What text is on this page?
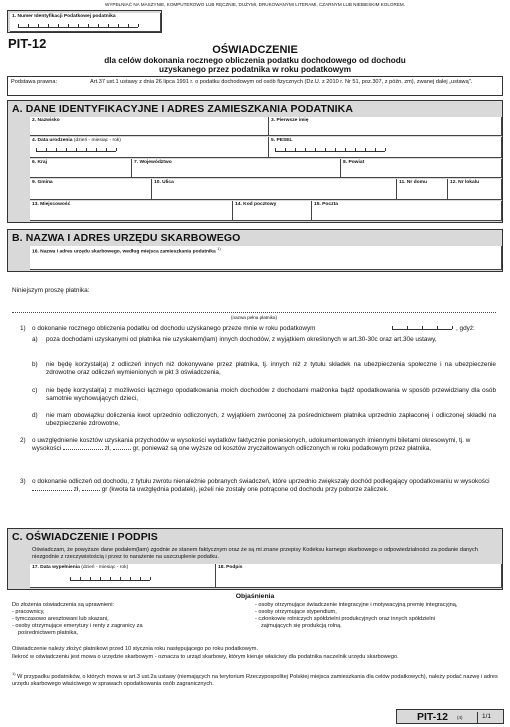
WYPEŁNIAĆ NA MASZYNIE, KOMPUTEROWO LUB RĘCZNIE, DUŻYMI, DRUKOWANYMI LITERAMI, CZARNYM LUB NIEBIESKIM KOLOREM.
1. Numer Identyfikacji Podatkowej podatnika
PIT-12	OŚWIADCZENIE
dla celów dokonania rocznego obliczenia podatku dochodowego od dochodu
uzyskanego przez podatnika w roku podatkowym
Podstawa prawna:	Art.37 ust.1 ustawy z dnia 26 lipca 1991 r. o podatku dochodowym od osób fizycznych (Dz.U. z 2010 r. Nr 51, poz.307, z późn. zm), zwanej dalej „ustawą".
A. DANE IDENTYFIKACYJNE I ADRES ZAMIESZKANIA PODATNIKA
2. Nazwisko	3. Pierwsze imię
4. Data urodzenia (dzień - miesiąc - rok)	5. PESEL
6. Kraj	7. Województwo	8. Powiat
9. Gmina	10. Ulica	11. Nr domu	12. Nr lokalu
13. Miejscowość	14. Kod pocztowy	15. Poczta
B. NAZWA I ADRES URZĘDU SKARBOWEGO
16. Nazwa i adres urzędu skarbowego, według miejsca zamieszkania podatnika $^{1)}$
Niniejszym proszę płatnika:
(nazwa pełna płatnika)
1) o dokonanie rocznego obliczenia podatku od dochodu uzyskanego przeze mnie w roku podatkowym	, gdyż:
a) poza dochodami uzyskanymi od płatnika nie uzyskałem(łam) innych dochodów, z wyjątkiem określonych w art.30-30c oraz art.30e ustawy,
b) nie będę korzystał(a) z odliczeń innych niż dokonywane przez płatnika, tj. innych niż z tytułu składek na ubezpieczenia społeczne i na ubezpieczenie zdrowotne oraz odliczeń wymienionych w pkt 3 oświadczenia,
c) nie będę korzystał(a) z możliwości łącznego opodatkowania moich dochodów z dochodami małżonka bądź opodatkowania w sposób przewidziany dla osób samotnie wychowujących dzieci,
d) nie mam obowiązku doliczenia kwot uprzednio odliczonych, z wyjątkiem zwróconej za pośrednictwem płatnika uprzednio zapłaconej i odliczonej składki na ubezpieczenie zdrowotne,
2) o uwzględnienie kosztów uzyskania przychodów w wysokości wydatków faktycznie poniesionych, udokumentowanych imiennymi biletami okresowymi, tj. w wysokości	zł,	gr, ponieważ są one wyższe od kosztów zryczałtowanych odliczonych w roku podatkowym przez płatnika,
3) o dokonanie odliczeń od dochodu, z tytułu zwrotu nienależnie pobranych świadczeń, które uprzednio zwiększały dochód podlegający opodatkowaniu w wysokości  zł,	gr (kwota ta uwzględnia podatek), jeżeli nie zostały one potrącone od dochodu przy poborze zaliczek.
C. OŚWIADCZENIE I PODPIS
Oświadczam, że powyższe dane podałem(łam) zgodnie ze stanem faktycznym oraz że są mi znane przepisy Kodeksu karnego skarbowego o odpowiedzialności za podanie danych niezgodnie z rzeczywistością i przez to narażenie na uszczuplenie podatku.
17. Data wypełnienia (dzień - miesiąc - rok)	18. Podpis
Objaśnienia
Do złożenia oświadczenia są uprawnieni:
- pracownicy,
- tymczasowo aresztowani lub skazani,
- osoby otrzymujące emerytury i renty z zagranicy za
pośrednictwem płatnika,
- osoby otrzymujące świadczenie integracyjne i motywacyjną premię integracyjną,
- osoby otrzymujące stypendium,
- członkowie rolniczych spółdzielni produkcyjnych oraz innych spółdzielni
zajmujących się produkcją rolną.
Oświadczenie należy złożyć płatnikowi przed 10 stycznia roku następującego po roku podatkowym.
Ilekroć w oświadczeniu jest mowa o urzędzie skarbowym - oznacza to urząd skarbowy, którym kieruje właściwy dla podatnika naczelnik urzędu skarbowego.
$^{1)}$ W przypadku podatników, o których mowa w art.3 ust.2a ustawy (niemających na terytorium Rzeczypospolitej Polskiej miejsca zamieszkania dla celów podatkowych), należy podać nazwę i adres urzędu skarbowego właściwego w sprawach opodatkowania osób zagranicznych.
PIT-12 (4)	1/1
